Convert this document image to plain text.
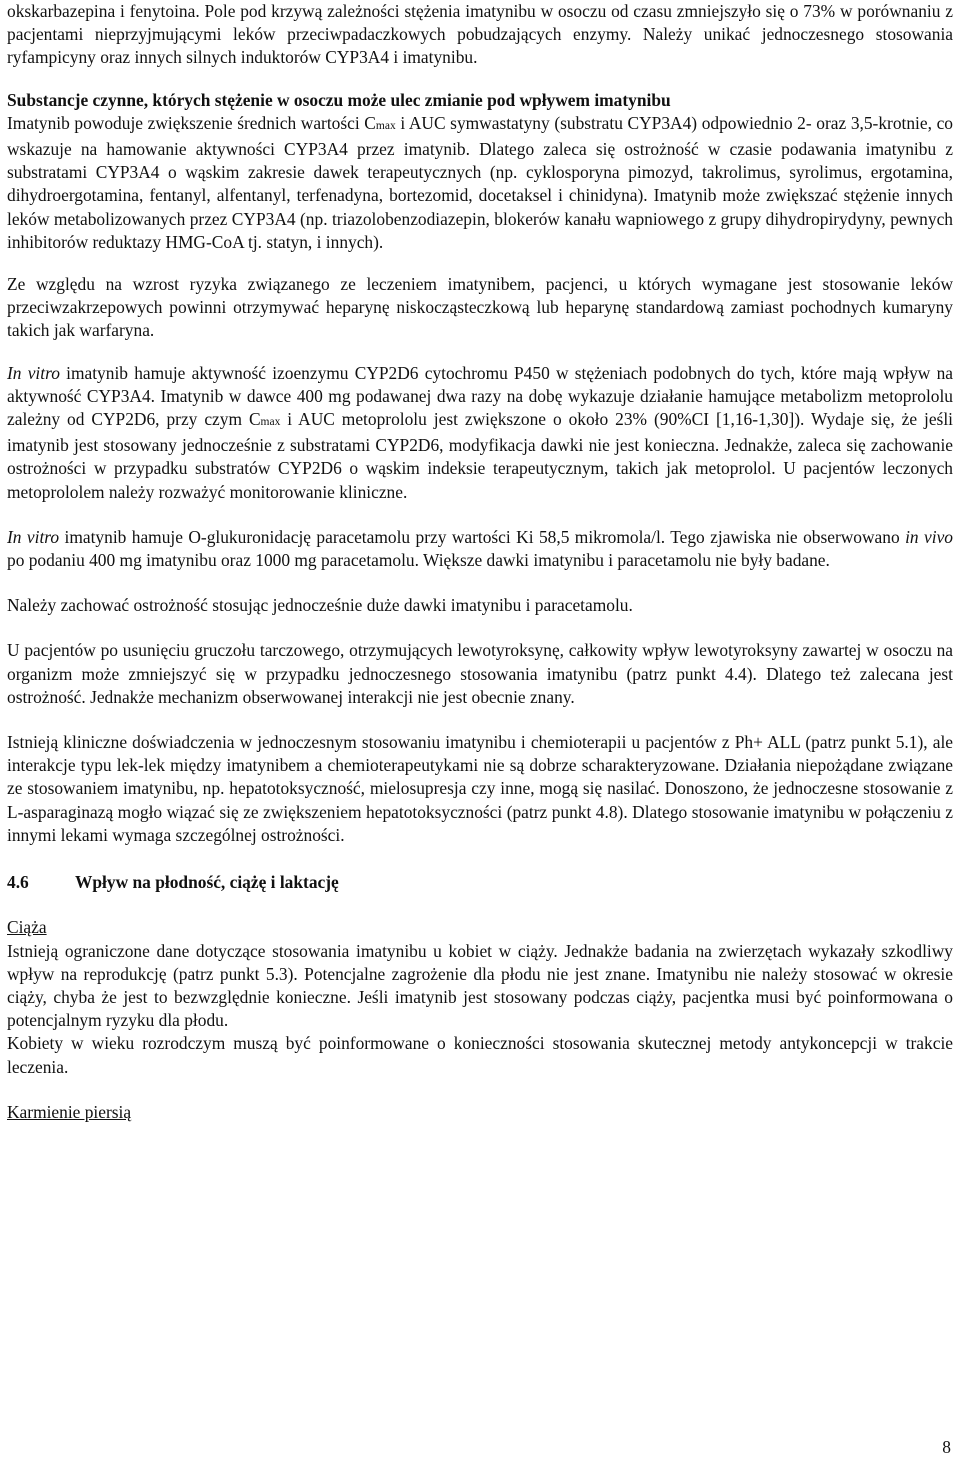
okskarbazepina i fenytoina. Pole pod krzywą zależności stężenia imatynibu w osoczu od czasu zmniejszyło się o 73% w porównaniu z pacjentami nieprzyjmującymi leków przeciwpadaczkowych pobudzających enzymy. Należy unikać jednoczesnego stosowania ryfampicyny oraz innych silnych induktorów CYP3A4 i imatynibu.

Substancje czynne, których stężenie w osoczu może ulec zmianie pod wpływem imatynibu

Imatynib powoduje zwiększenie średnich wartości Cmax i AUC symwastatyny (substratu CYP3A4) odpowiednio 2- oraz 3,5-krotnie, co wskazuje na hamowanie aktywności CYP3A4 przez imatynib. Dlatego zaleca się ostrożność w czasie podawania imatynibu z substratami CYP3A4 o wąskim zakresie dawek terapeutycznych (np. cyklosporyna pimozyd, takrolimus, syrolimus, ergotamina, dihydroergotamina, fentanyl, alfentanyl, terfenadyna, bortezomid, docetaksel i chinidyna). Imatynib może zwiększać stężenie innych leków metabolizowanych przez CYP3A4 (np. triazolobenzodiazepin, blokerów kanału wapniowego z grupy dihydropirydyny, pewnych inhibitorów reduktazy HMG-CoA tj. statyn, i innych).

Ze względu na wzrost ryzyka związanego ze leczeniem imatynibem, pacjenci, u których wymagane jest stosowanie leków przeciwzakrzepowych powinni otrzymywać heparynę niskocząsteczkową lub heparynę standardową zamiast pochodnych kumaryny takich jak warfaryna.

In vitro imatynib hamuje aktywność izoenzymu CYP2D6 cytochromu P450 w stężeniach podobnych do tych, które mają wpływ na aktywność CYP3A4. Imatynib w dawce 400 mg podawanej dwa razy na dobę wykazuje działanie hamujące metabolizm metoprololu zależny od CYP2D6, przy czym Cmax i AUC metoprololu jest zwiększone o około 23% (90%CI [1,16-1,30]). Wydaje się, że jeśli imatynib jest stosowany jednocześnie z substratami CYP2D6, modyfikacja dawki nie jest konieczna. Jednakże, zaleca się zachowanie ostrożności w przypadku substratów CYP2D6 o wąskim indeksie terapeutycznym, takich jak metoprolol. U pacjentów leczonych metoprololem należy rozważyć monitorowanie kliniczne.

In vitro imatynib hamuje O-glukuronidację paracetamolu przy wartości Ki 58,5 mikromola/l. Tego zjawiska nie obserwowano in vivo po podaniu 400 mg imatynibu oraz 1000 mg paracetamolu. Większe dawki imatynibu i paracetamolu nie były badane.

Należy zachować ostrożność stosując jednocześnie duże dawki imatynibu i paracetamolu.

U pacjentów po usunięciu gruczołu tarczowego, otrzymujących lewotyroksynę, całkowity wpływ lewotyroksyny zawartej w osoczu na organizm może zmniejszyć się w przypadku jednoczesnego stosowania imatynibu (patrz punkt 4.4). Dlatego też zalecana jest ostrożność. Jednakże mechanizm obserwowanej interakcji nie jest obecnie znany.

Istnieją kliniczne doświadczenia w jednoczesnym stosowaniu imatynibu i chemioterapii u pacjentów z Ph+ ALL (patrz punkt 5.1), ale interakcje typu lek-lek między imatynibem a chemioterapeutykami nie są dobrze scharakteryzowane. Działania niepożądane związane ze stosowaniem imatynibu, np. hepatotoksyczność, mielosupresja czy inne, mogą się nasilać. Donoszono, że jednoczesne stosowanie z L-asparaginazą mogło wiązać się ze zwiększeniem hepatotoksyczności (patrz punkt 4.8). Dlatego stosowanie imatynibu w połączeniu z innymi lekami wymaga szczególnej ostrożności.

4.6	Wpływ na płodność, ciążę i laktację

Ciąża

Istnieją ograniczone dane dotyczące stosowania imatynibu u kobiet w ciąży. Jednakże badania na zwierzętach wykazały szkodliwy wpływ na reprodukcję (patrz punkt 5.3). Potencjalne zagrożenie dla płodu nie jest znane. Imatynibu nie należy stosować w okresie ciąży, chyba że jest to bezwzględnie konieczne. Jeśli imatynib jest stosowany podczas ciąży, pacjentka musi być poinformowana o potencjalnym ryzyku dla płodu.

Kobiety w wieku rozrodczym muszą być poinformowane o konieczności stosowania skutecznej metody antykoncepcji w trakcie leczenia.

Karmienie piersią

8
